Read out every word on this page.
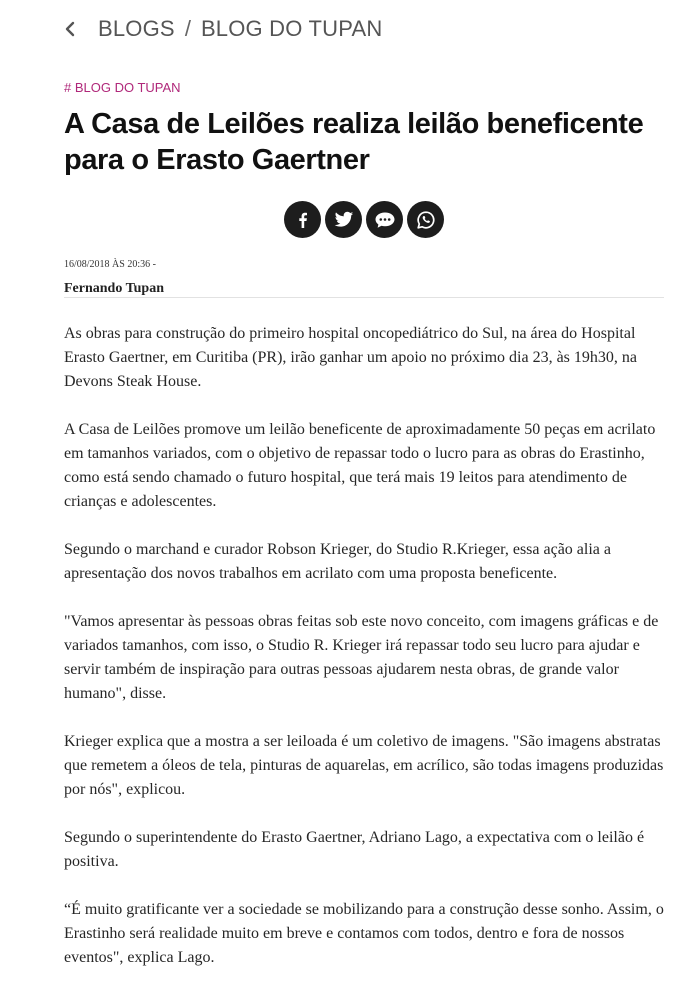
BLOGS / BLOG DO TUPAN
# BLOG DO TUPAN
A Casa de Leilões realiza leilão beneficente para o Erasto Gaertner
16/08/2018 ÀS 20:36 -
Fernando Tupan

As obras para construção do primeiro hospital oncopediátrico do Sul, na área do Hospital Erasto Gaertner, em Curitiba (PR), irão ganhar um apoio no próximo dia 23, às 19h30, na Devons Steak House.

A Casa de Leilões promove um leilão beneficente de aproximadamente 50 peças em acrilato em tamanhos variados, com o objetivo de repassar todo o lucro para as obras do Erastinho, como está sendo chamado o futuro hospital, que terá mais 19 leitos para atendimento de crianças e adolescentes.

Segundo o marchand e curador Robson Krieger, do Studio R.Krieger, essa ação alia a apresentação dos novos trabalhos em acrilato com uma proposta beneficente.

"Vamos apresentar às pessoas obras feitas sob este novo conceito, com imagens gráficas e de variados tamanhos, com isso, o Studio R. Krieger irá repassar todo seu lucro para ajudar e servir também de inspiração para outras pessoas ajudarem nesta obras, de grande valor humano", disse.

Krieger explica que a mostra a ser leiloada é um coletivo de imagens. "São imagens abstratas que remetem a óleos de tela, pinturas de aquarelas, em acrílico, são todas imagens produzidas por nós", explicou.

Segundo o superintendente do Erasto Gaertner, Adriano Lago, a expectativa com o leilão é positiva.

“É muito gratificante ver a sociedade se mobilizando para a construção desse sonho. Assim, o Erastinho será realidade muito em breve e contamos com todos, dentro e fora de nossos eventos", explica Lago.
